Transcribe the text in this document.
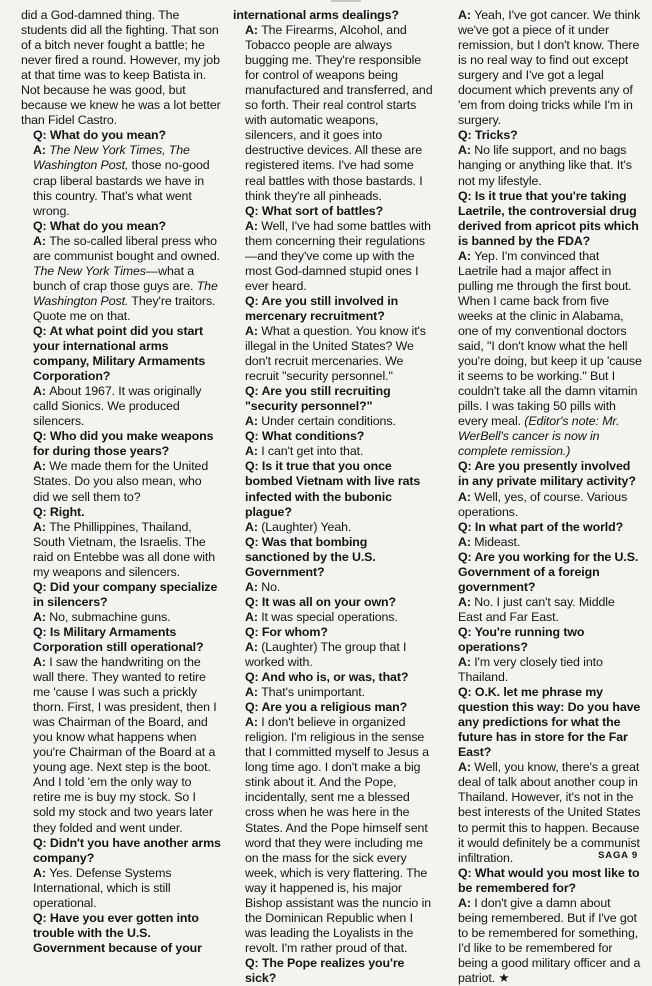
did a God-damned thing. The students did all the fighting. That son of a bitch never fought a battle; he never fired a round. However, my job at that time was to keep Batista in. Not because he was good, but because we knew he was a lot better than Fidel Castro.
Q: What do you mean?
A: The New York Times, The Washington Post, those no-good crap liberal bastards we have in this country. That's what went wrong.
Q: What do you mean?
A: The so-called liberal press who are communist bought and owned. The New York Times—what a bunch of crap those guys are. The Washington Post. They're traitors. Quote me on that.
Q: At what point did you start your international arms company, Military Armaments Corporation?
A: About 1967. It was originally calld Sionics. We produced silencers.
Q: Who did you make weapons for during those years?
A: We made them for the United States. Do you also mean, who did we sell them to?
Q: Right.
A: The Phillippines, Thailand, South Vietnam, the Israelis. The raid on Entebbe was all done with my weapons and silencers.
Q: Did your company specialize in silencers?
A: No, submachine guns.
Q: Is Military Armaments Corporation still operational?
A: I saw the handwriting on the wall there. They wanted to retire me 'cause I was such a prickly thorn. First, I was president, then I was Chairman of the Board, and you know what happens when you're Chairman of the Board at a young age. Next step is the boot. And I told 'em the only way to retire me is buy my stock. So I sold my stock and two years later they folded and went under.
Q: Didn't you have another arms company?
A: Yes. Defense Systems International, which is still operational.
Q: Have you ever gotten into trouble with the U.S. Government because of your
international arms dealings?
A: The Firearms, Alcohol, and Tobacco people are always bugging me. They're responsible for control of weapons being manufactured and transferred, and so forth. Their real control starts with automatic weapons, silencers, and it goes into destructive devices. All these are registered items. I've had some real battles with those bastards. I think they're all pinheads.
Q: What sort of battles?
A: Well, I've had some battles with them concerning their regulations—and they've come up with the most God-damned stupid ones I ever heard.
Q: Are you still involved in mercenary recruitment?
A: What a question. You know it's illegal in the United States? We don't recruit mercenaries. We recruit "security personnel."
Q: Are you still recruiting "security personnel?"
A: Under certain conditions.
Q: What conditions?
A: I can't get into that.
Q: Is it true that you once bombed Vietnam with live rats infected with the bubonic plague?
A: (Laughter) Yeah.
Q: Was that bombing sanctioned by the U.S. Government?
A: No.
Q: It was all on your own?
A: It was special operations.
Q: For whom?
A: (Laughter) The group that I worked with.
Q: And who is, or was, that?
A: That's unimportant.
Q: Are you a religious man?
A: I don't believe in organized religion. I'm religious in the sense that I committed myself to Jesus a long time ago. I don't make a big stink about it. And the Pope, incidentally, sent me a blessed cross when he was here in the States. And the Pope himself sent word that they were including me on the mass for the sick every week, which is very flattering. The way it happened is, his major Bishop assistant was the nuncio in the Dominican Republic when I was leading the Loyalists in the revolt. I'm rather proud of that.
Q: The Pope realizes you're sick?
A: Yeah, I've got cancer. We think we've got a piece of it under remission, but I don't know. There is no real way to find out except surgery and I've got a legal document which prevents any of 'em from doing tricks while I'm in surgery.
Q: Tricks?
A: No life support, and no bags hanging or anything like that. It's not my lifestyle.
Q: Is it true that you're taking Laetrile, the controversial drug derived from apricot pits which is banned by the FDA?
A: Yep. I'm convinced that Laetrile had a major affect in pulling me through the first bout. When I came back from five weeks at the clinic in Alabama, one of my conventional doctors said, "I don't know what the hell you're doing, but keep it up 'cause it seems to be working." But I couldn't take all the damn vitamin pills. I was taking 50 pills with every meal. (Editor's note: Mr. WerBell's cancer is now in complete remission.)
Q: Are you presently involved in any private military activity?
A: Well, yes, of course. Various operations.
Q: In what part of the world?
A: Mideast.
Q: Are you working for the U.S. Government of a foreign government?
A: No. I just can't say. Middle East and Far East.
Q: You're running two operations?
A: I'm very closely tied into Thailand.
Q: O.K. let me phrase my question this way: Do you have any predictions for what the future has in store for the Far East?
A: Well, you know, there's a great deal of talk about another coup in Thailand. However, it's not in the best interests of the United States to permit this to happen. Because it would definitely be a communist infiltration.
Q: What would you most like to be remembered for?
A: I don't give a damn about being remembered. But if I've got to be remembered for something, I'd like to be remembered for being a good military officer and a patriot. ★
SAGA 9
